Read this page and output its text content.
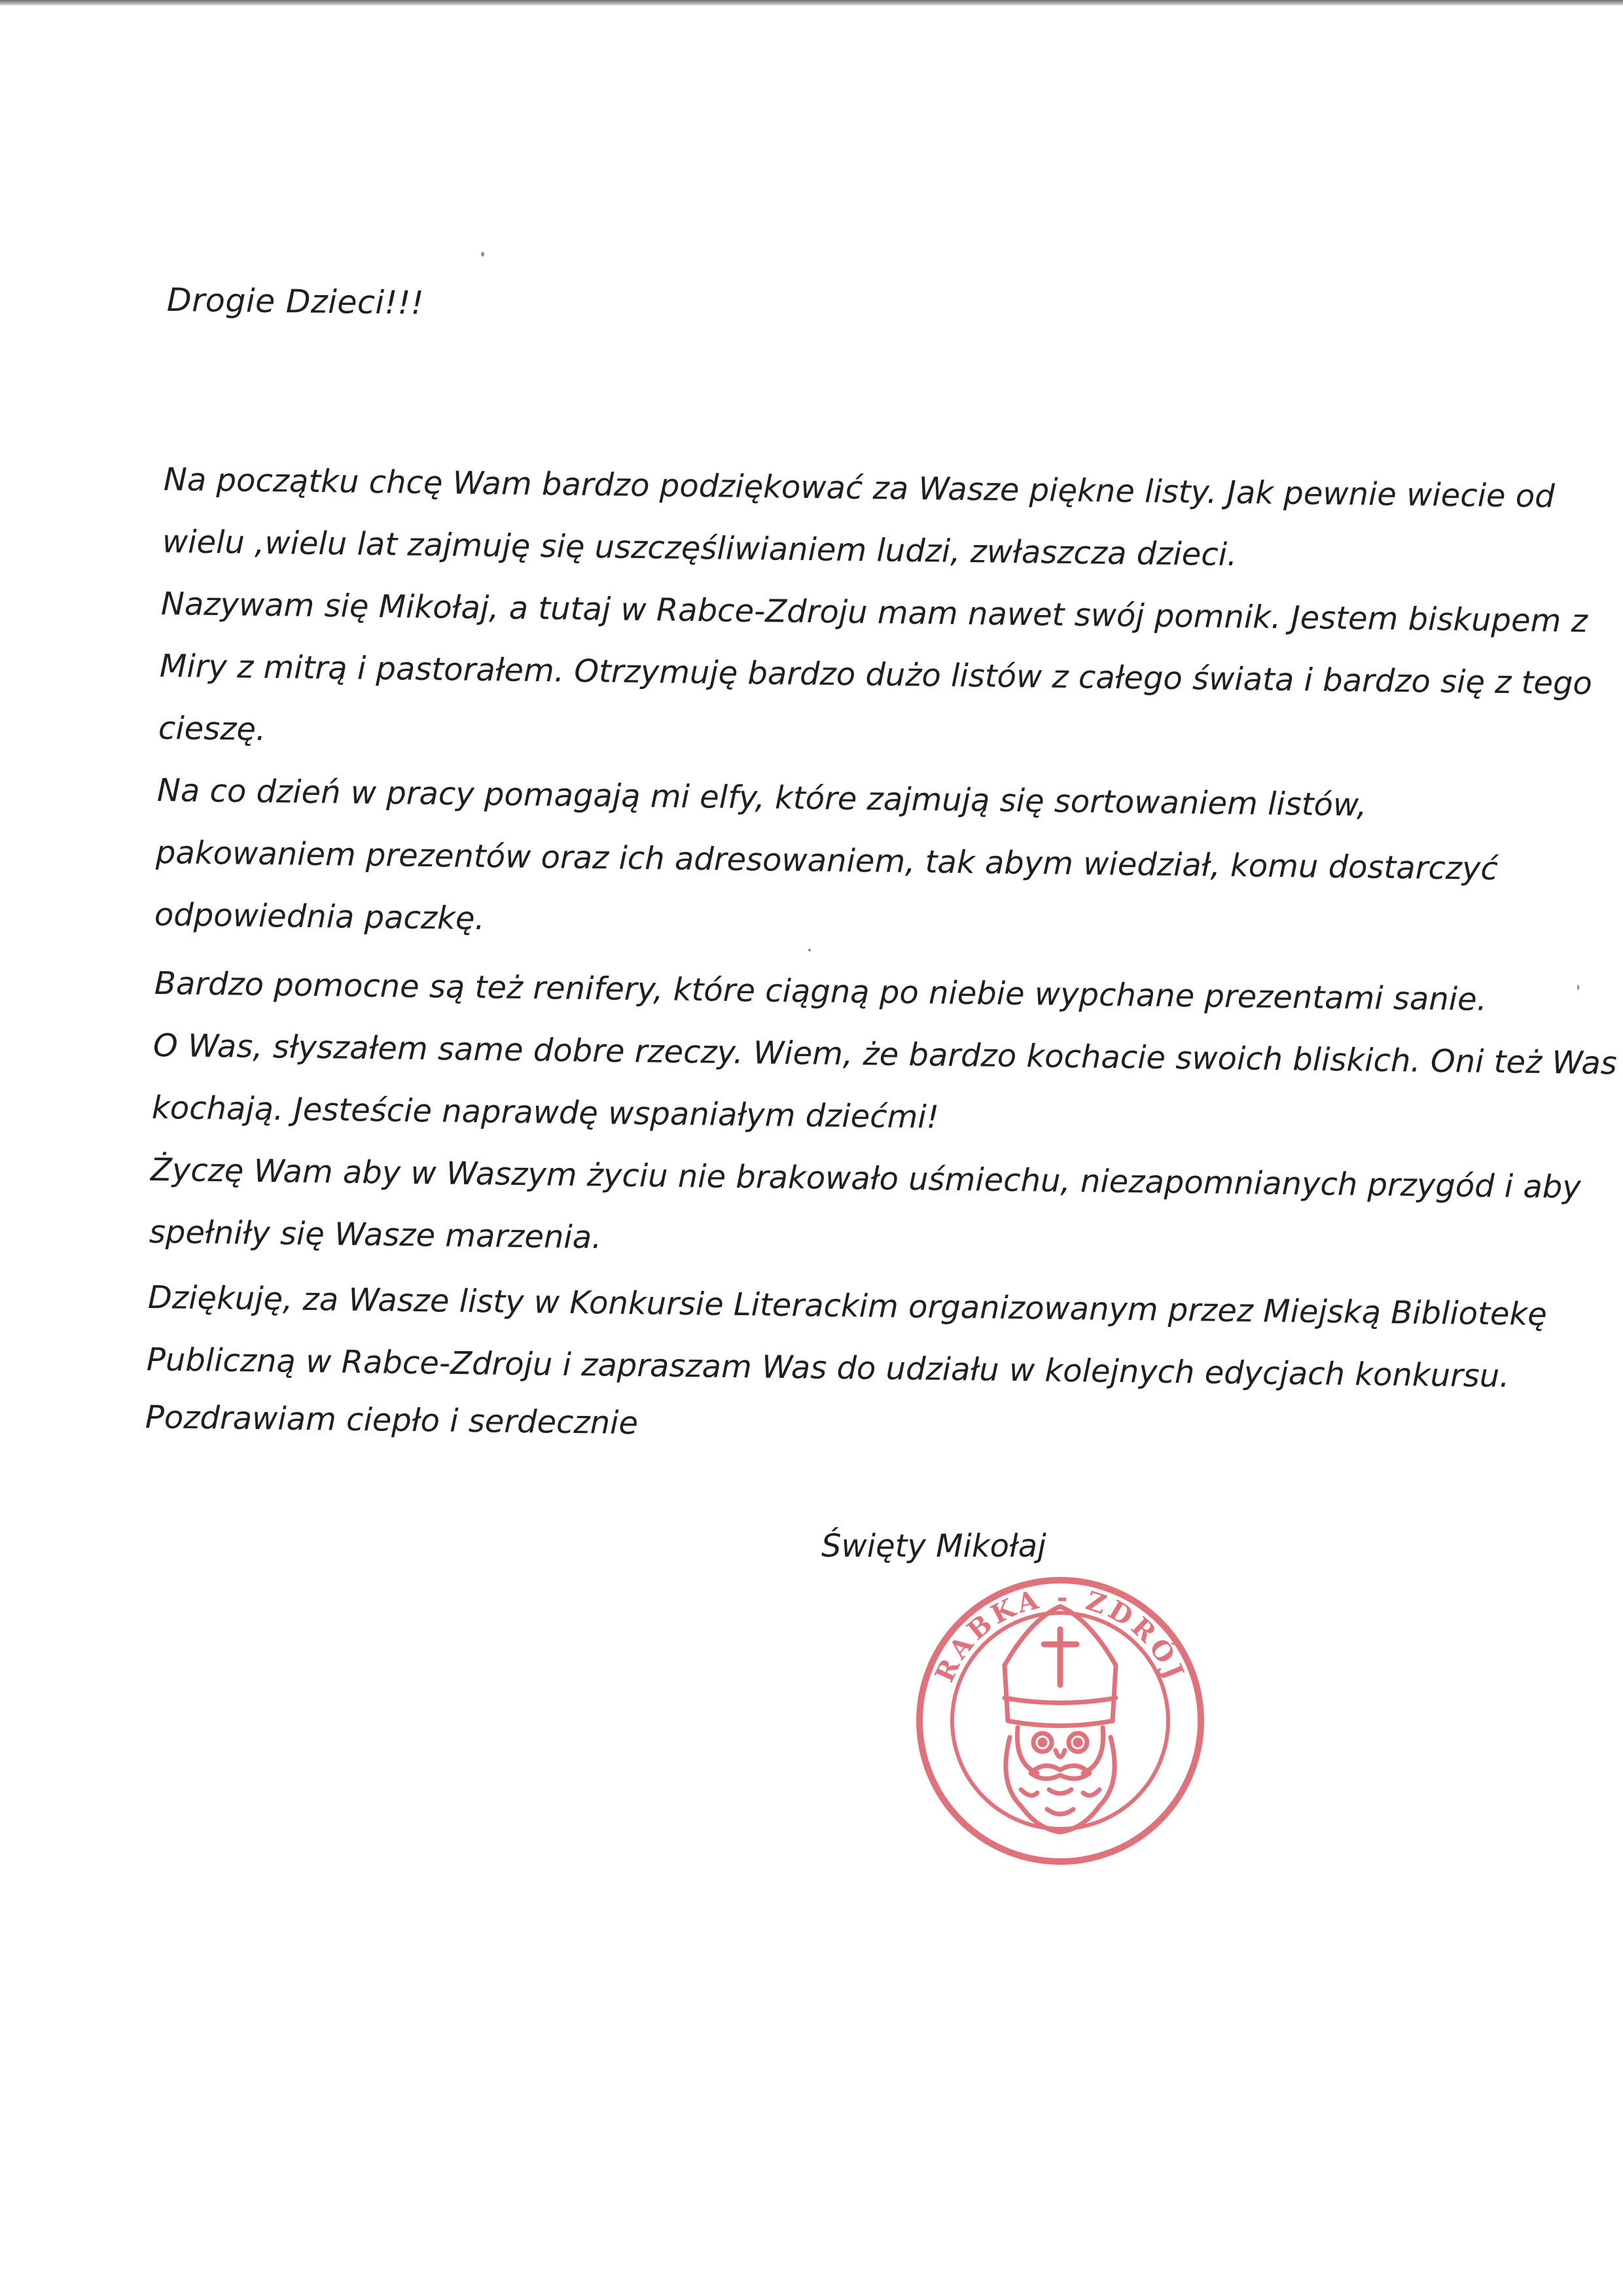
Drogie Dzieci!!!
Na początku chcę Wam bardzo podziękować za Wasze piękne listy. Jak pewnie wiecie od
wielu ,wielu lat zajmuję się uszczęśliwianiem ludzi, zwłaszcza dzieci.
Nazywam się Mikołaj, a tutaj w Rabce-Zdroju mam nawet swój pomnik. Jestem biskupem z
Miry z mitrą i pastorałem. Otrzymuję bardzo dużo listów z całego świata i bardzo się z tego
cieszę.
Na co dzień w pracy pomagają mi elfy, które zajmują się sortowaniem listów,
pakowaniem prezentów oraz ich adresowaniem, tak abym wiedział, komu dostarczyć
odpowiednia paczkę.
Bardzo pomocne są też renifery, które ciągną po niebie wypchane prezentami sanie.
O Was, słyszałem same dobre rzeczy. Wiem, że bardzo kochacie swoich bliskich. Oni też Was
kochają. Jesteście naprawdę wspaniałym dziećmi!
Życzę Wam aby w Waszym życiu nie brakowało uśmiechu, niezapomnianych przygód i aby
spełniły się Wasze marzenia.
Dziękuję, za Wasze listy w Konkursie Literackim organizowanym przez Miejską Bibliotekę
Publiczną w Rabce-Zdroju i zapraszam Was do udziału w kolejnych edycjach konkursu.
Pozdrawiam ciepło i serdecznie
Święty Mikołaj
RABKA - ZDRÓJ
